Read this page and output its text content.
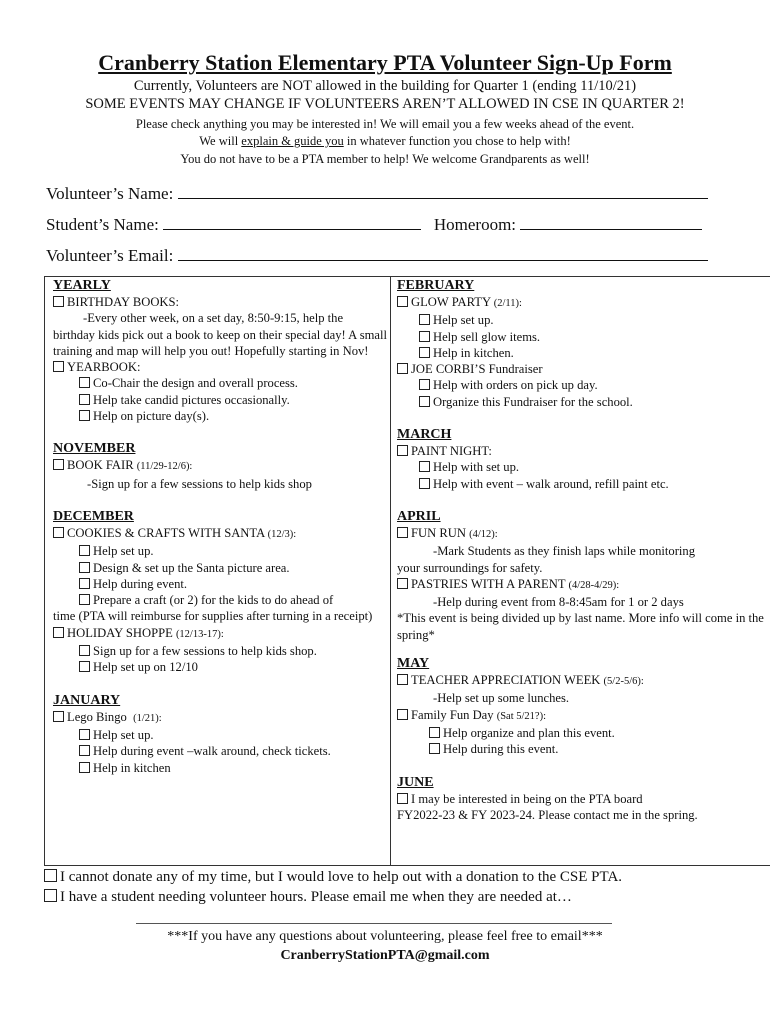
Cranberry Station Elementary PTA Volunteer Sign-Up Form
Currently, Volunteers are NOT allowed in the building for Quarter 1 (ending 11/10/21)
SOME EVENTS MAY CHANGE IF VOLUNTEERS AREN’T ALLOWED IN CSE IN QUARTER 2!
Please check anything you may be interested in! We will email you a few weeks ahead of the event.
We will explain & guide you in whatever function you chose to help with!
You do not have to be a PTA member to help! We welcome Grandparents as well!
Volunteer’s Name:
Student’s Name:	Homeroom:
Volunteer’s Email:
YEARLY
BIRTHDAY BOOKS:
-Every other week, on a set day, 8:50-9:15, help the birthday kids pick out a book to keep on their special day! A small training and map will help you out! Hopefully starting in Nov!
YEARBOOK:
Co-Chair the design and overall process.
Help take candid pictures occasionally.
Help on picture day(s).
NOVEMBER
BOOK FAIR (11/29-12/6):
-Sign up for a few sessions to help kids shop
DECEMBER
COOKIES & CRAFTS WITH SANTA (12/3):
Help set up.
Design & set up the Santa picture area.
Help during event.
Prepare a craft (or 2) for the kids to do ahead of
time (PTA will reimburse for supplies after turning in a receipt)
HOLIDAY SHOPPE (12/13-17):
Sign up for a few sessions to help kids shop.
Help set up on 12/10
JANUARY
Lego Bingo (1/21):
Help set up.
Help during event –walk around, check tickets.
Help in kitchen
FEBRUARY
GLOW PARTY (2/11):
Help set up.
Help sell glow items.
Help in kitchen.
JOE CORBI’S Fundraiser
Help with orders on pick up day.
Organize this Fundraiser for the school.
MARCH
PAINT NIGHT:
Help with set up.
Help with event – walk around, refill paint etc.
APRIL
FUN RUN (4/12):
-Mark Students as they finish laps while monitoring
your surroundings for safety.
PASTRIES WITH A PARENT (4/28-4/29):
-Help during event from 8-8:45am for 1 or 2 days
*This event is being divided up by last name. More info will come in the spring*
MAY
TEACHER APPRECIATION WEEK (5/2-5/6):
-Help set up some lunches.
Family Fun Day (Sat 5/21?):
Help organize and plan this event.
Help during this event.
JUNE
I may be interested in being on the PTA board
FY2022-23 & FY 2023-24. Please contact me in the spring.
I cannot donate any of my time, but I would love to help out with a donation to the CSE PTA.
I have a student needing volunteer hours. Please email me when they are needed at…
***If you have any questions about volunteering, please feel free to email***
CranberryStationPTA@gmail.com
